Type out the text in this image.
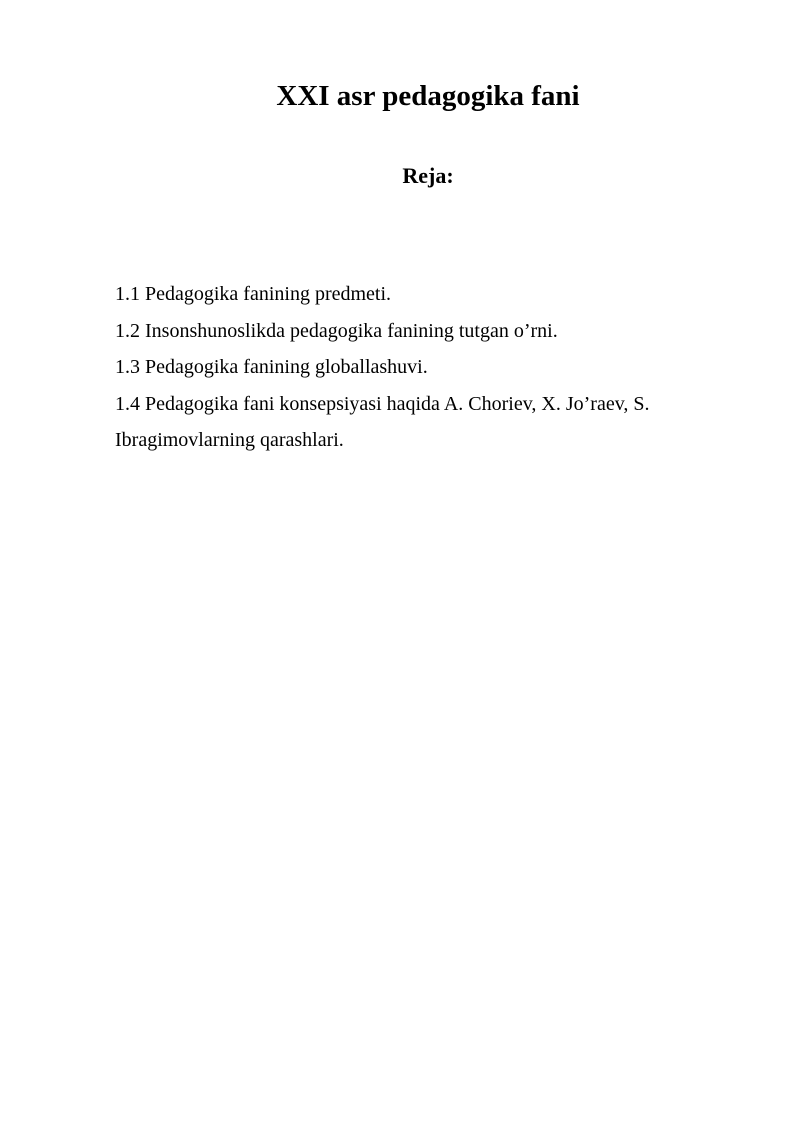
XXI asr pedagogika fani
Reja:
1.1 Pedagogika fanining predmeti.
1.2 Insonshunoslikda pedagogika fanining tutgan o’rni.
1.3 Pedagogika fanining globallashuvi.
1.4 Pedagogika fani konsepsiyasi haqida A. Choriev, X. Jo’raev, S. Ibragimovlarning qarashlari.
